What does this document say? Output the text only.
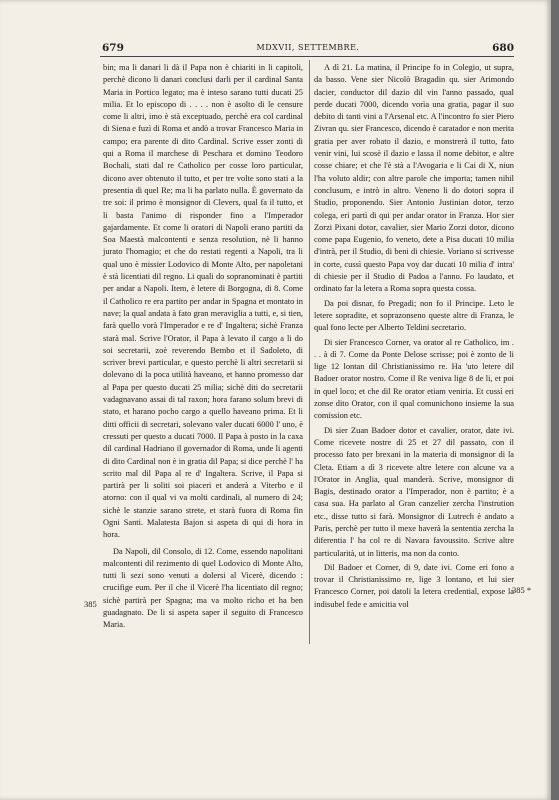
679	MDXVII, SETTEMBRE.	680

bin; ma li danari li dà il Papa non è chiariti in li capitoli, perchè dicono li danari conclusi darli per il cardinal Santa Maria in Portico legato; ma è inteso sarano tutti ducati 25 milia. Et lo episcopo di . . . . non è asolto di le censure come li altri, imo è stà exceptuado, perchè era col cardinal di Siena e fuzì di Roma et andò a trovar Francesco Maria in campo; era parente di dito Cardinal. Scrive esser zonti di qui a Roma il marchese di Peschara et domino Teodoro Bochali, stati dal re Catholico per cosse loro particular, dicono aver obtenuto il tutto, et per tre volte sono stati a la presentia di quel Re; ma li ha parlato nulla. È governato da tre soi: il primo è monsignor di Clevers, qual fa il tutto, et li basta l'animo di risponder fino a l'Imperador gajardamente. Et come li oratori di Napoli erano partiti da Soa Maestà malcontenti e senza resolution, nè li hanno jurato l'homagio; et che do restati regenti a Napoli, tra li qual uno è missier Lodovico di Monte Alto, per napoletani è stà licentiati dil regno. Li quali do sopranominati è partiti per andar a Napoli. Item, è letere di Borgogna, di 8. Come il Catholico re era partito per andar in Spagna et montato in nave; la qual andata à fato gran meraviglia a tutti, e, si tien, farà quello vorà l'Imperador e re d' Ingaltera; sichè Franza starà mal. Scrive l'Orator, il Papa à levato il cargo a li do soi secretarii, zoè reverendo Bembo et il Sadoleto, di scriver brevi particular, e questo perchè li altri secretarii si dolevano di la poca utilità haveano, et hanno promesso dar al Papa per questo ducati 25 milia; sichè diti do secretarii vadagnavano assai di tal raxon; hora farano solum brevi di stato, et harano pocho cargo a quello haveano prima. Et li ditti officii di secretari, solevano valer ducati 6000 l' uno, è cressuti per questo a ducati 7000. Il Papa à posto in la caxa dil cardinal Hadriano il governador di Roma, unde li agenti di dito Cardinal non è in gratia dil Papa; si dice perchè l' ha scrito mal dil Papa al re d' Ingaltera. Scrive, il Papa si partirà per li soliti soi piaceri et anderà a Viterbo e il atorno: con il qual vi va molti cardinali, al numero di 24; sichè le stanzie sarano strete, et starà fuora di Roma fin Ogni Santi. Malatesta Bajon si aspeta di qui di hora in hora.

Da Napoli, dil Consolo, di 12. Come, essendo napolitani malcontenti dil rezimento di quel Lodovico di Monte Alto, tutti li sezi sono venuti a dolersi al Vicerè, dicendo : crucifige eum. Per il che il Vicerè l'ha licentiato dil regno; sichè partirà per Spagna; ma va molto richo et ha ben guadagnato. De li si aspeta saper il seguito di Francesco Maria.

A dì 21. La matina, il Principe fo in Colegio, ut supra, da basso. Vene sier Nicolò Bragadin qu. sier Arimondo dacier, conductor dil dazio dil vin l'anno passado, qual perde ducati 7000, dicendo vorìa una gratia, pagar il suo debito di tanti vini a l'Arsenal etc. A l'incontro fo sier Piero Zivran qu. sier Francesco, dicendo è caratador e non merita gratia per aver robato il dazio, e monstrerà il tutto, fato venir vini, lui scosè il dazio e lassa il nome debitor, e altre cosse chiare; et che l'è stà a l'Avogaria e li Cai di X, niun l'ha voluto aldir; con altre parole che importa; tamen nihil conclusum, e intrò in altro. Veneno li do dotori sopra il Studio, proponendo. Sier Antonio Justinian dotor, terzo colega, eri partì di qui per andar orator in Franza. Hor sier Zorzi Pixani dotor, cavalier, sier Mario Zorzi dotor, dicono come papa Eugenio, fo veneto, dete a Pisa ducati 10 milia d'intrà, per il Studio, di beni di chiesie. Voriano si scrivesse in corte, cussì questo Papa voy dar ducati 10 milia d' intra' di chiesie per il Studio di Padoa a l'anno. Fo laudato, et ordinato far la letera a Roma sopra questa cossa.

Da poi disnar, fo Pregadi; non fo il Principe. Leto le letere sopradite, et soprazonseno queste altre di Franza, le qual fono lecte per Alberto Teldini secretario.

Di sier Francesco Corner, va orator al re Catholico, im . . . à dì 7. Come da Ponte Delose scrisse; poi è zonto de li lige 12 lontan dil Christianissimo re. Ha 'uto letere dil Badoer orator nostro. Come il Re veniva lige 8 de li, et poi in quel loco; et che dil Re orator etiam veniria. Et cussì eri zonse dito Orator, con il qual comunichono insieme la sua comission etc.

Di sier Zuan Badoer dotor et cavalier, orator, date ivi. Come ricevete nostre di 25 et 27 dil passato, con il processo fato per brexani in la materia di monsignor di la Cleta. Etiam a dì 3 ricevete altre letere con alcune va a l'Orator in Anglia, qual manderà. Scrive, monsignor di Bagis, destinado orator a l'Imperador, non è partito; è a casa sua. Ha parlato al Gran canzelier zercha l'instrution etc., disse tutto si farà. Monsignor di Lutrech è andato a Paris, perchè per tutto il mexe haverà la sententia zercha la diferentia l' ha col re di Navara favoussito. Scrive altre particularità, ut in litteris, ma non da conto.

Dil Badoer et Corner, di 9, date ivi. Come eri fono a trovar il Christianissimo re, lige 3 lontano, et lui sier Francesco Corner, poi datoli la letera credential, expose la indisubel fede e amicitia vol

385
385 *
